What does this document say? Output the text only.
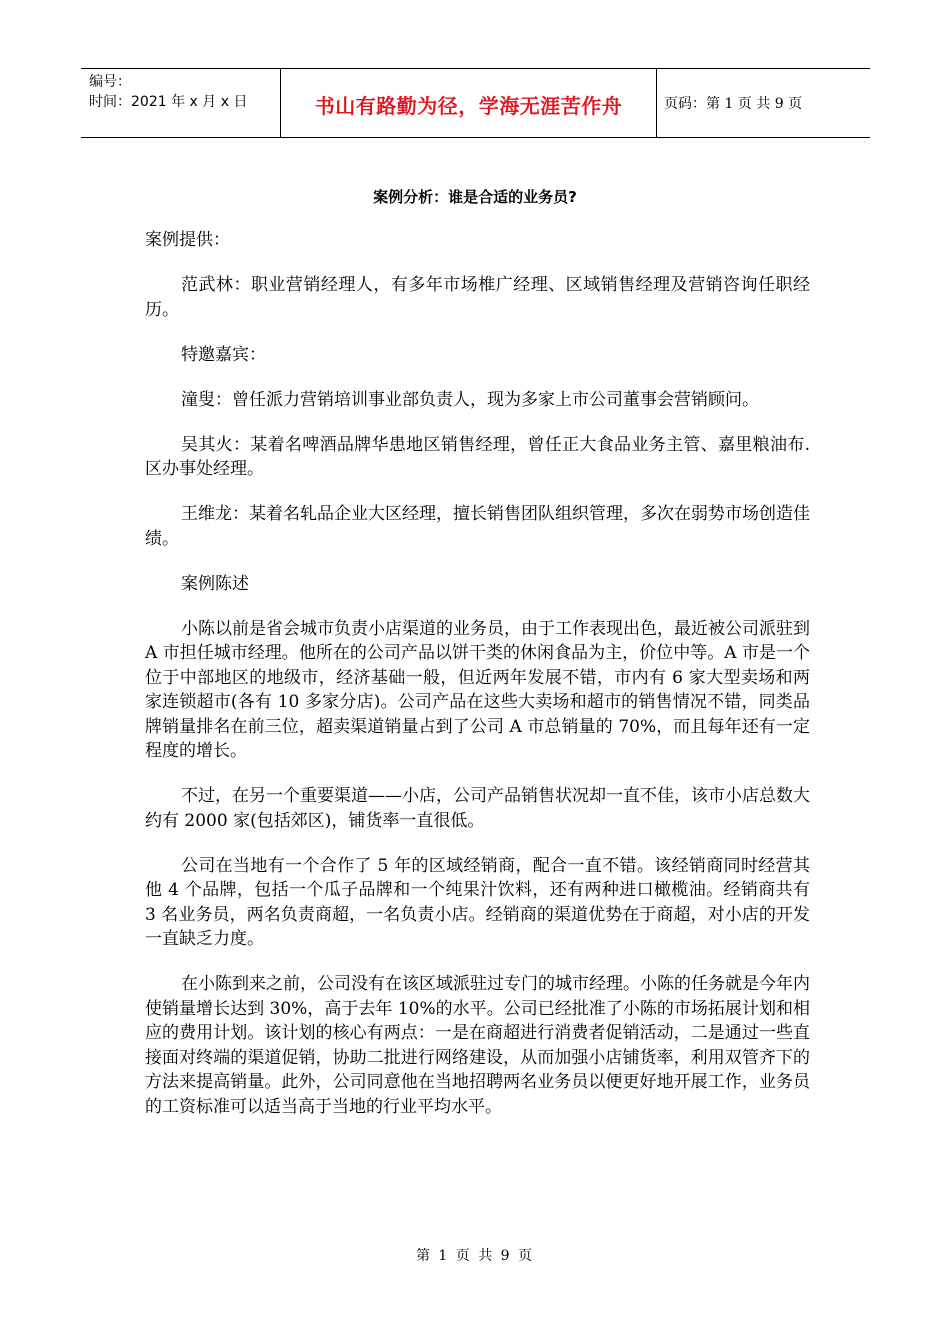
编号：
时间：2021 年 x 月 x 日	书山有路勤为径，学海无涯苦作舟	页码：第 1 页 共 9 页
案例分析：谁是合适的业务员?

案例提供：

范武林：职业营销经理人，有多年市场椎广经理、区域销售经理及营销咨询任职经历。

特邀嘉宾：

潼叟：曾任派力营销培训事业部负责人，现为多家上市公司董事会营销顾问。

吴其火：某着名啤酒品牌华患地区销售经理，曾任正大食品业务主管、嘉里粮油布.区办事处经理。

王维龙：某着名轧品企业大区经理，擅长销售团队组织管理，多次在弱势市场创造佳绩。

案例陈述

小陈以前是省会城市负责小店渠道的业务员，由于工作表现出色，最近被公司派驻到 A 市担任城市经理。他所在的公司产品以饼干类的休闲食品为主，价位中等。A 市是一个位于中部地区的地级市，经济基础一般，但近两年发展不错，市内有 6 家大型卖场和两家连锁超市(各有 10 多家分店)。公司产品在这些大卖场和超市的销售情况不错，同类品牌销量排名在前三位，超卖渠道销量占到了公司 A 市总销量的 70%，而且每年还有一定程度的增长。

不过，在另一个重要渠道——小店，公司产品销售状况却一直不佳，该市小店总数大约有 2000 家(包括郊区)，铺货率一直很低。

公司在当地有一个合作了 5 年的区域经销商，配合一直不错。该经销商同时经营其他 4 个品牌，包括一个瓜子品牌和一个纯果汁饮料，还有两种进口橄榄油。经销商共有 3 名业务员，两名负责商超，一名负责小店。经销商的渠道优势在于商超，对小店的开发一直缺乏力度。

在小陈到来之前，公司没有在该区域派驻过专门的城市经理。小陈的任务就是今年内使销量增长达到 30%，高于去年 10%的水平。公司已经批准了小陈的市场拓展计划和相应的费用计划。该计划的核心有两点：一是在商超进行消费者促销活动，二是通过一些直接面对终端的渠道促销，协助二批进行网络建设，从而加强小店铺货率，利用双管齐下的方法来提高销量。此外，公司同意他在当地招聘两名业务员以便更好地开展工作，业务员的工资标准可以适当高于当地的行业平均水平。

第 1 页 共 9 页
